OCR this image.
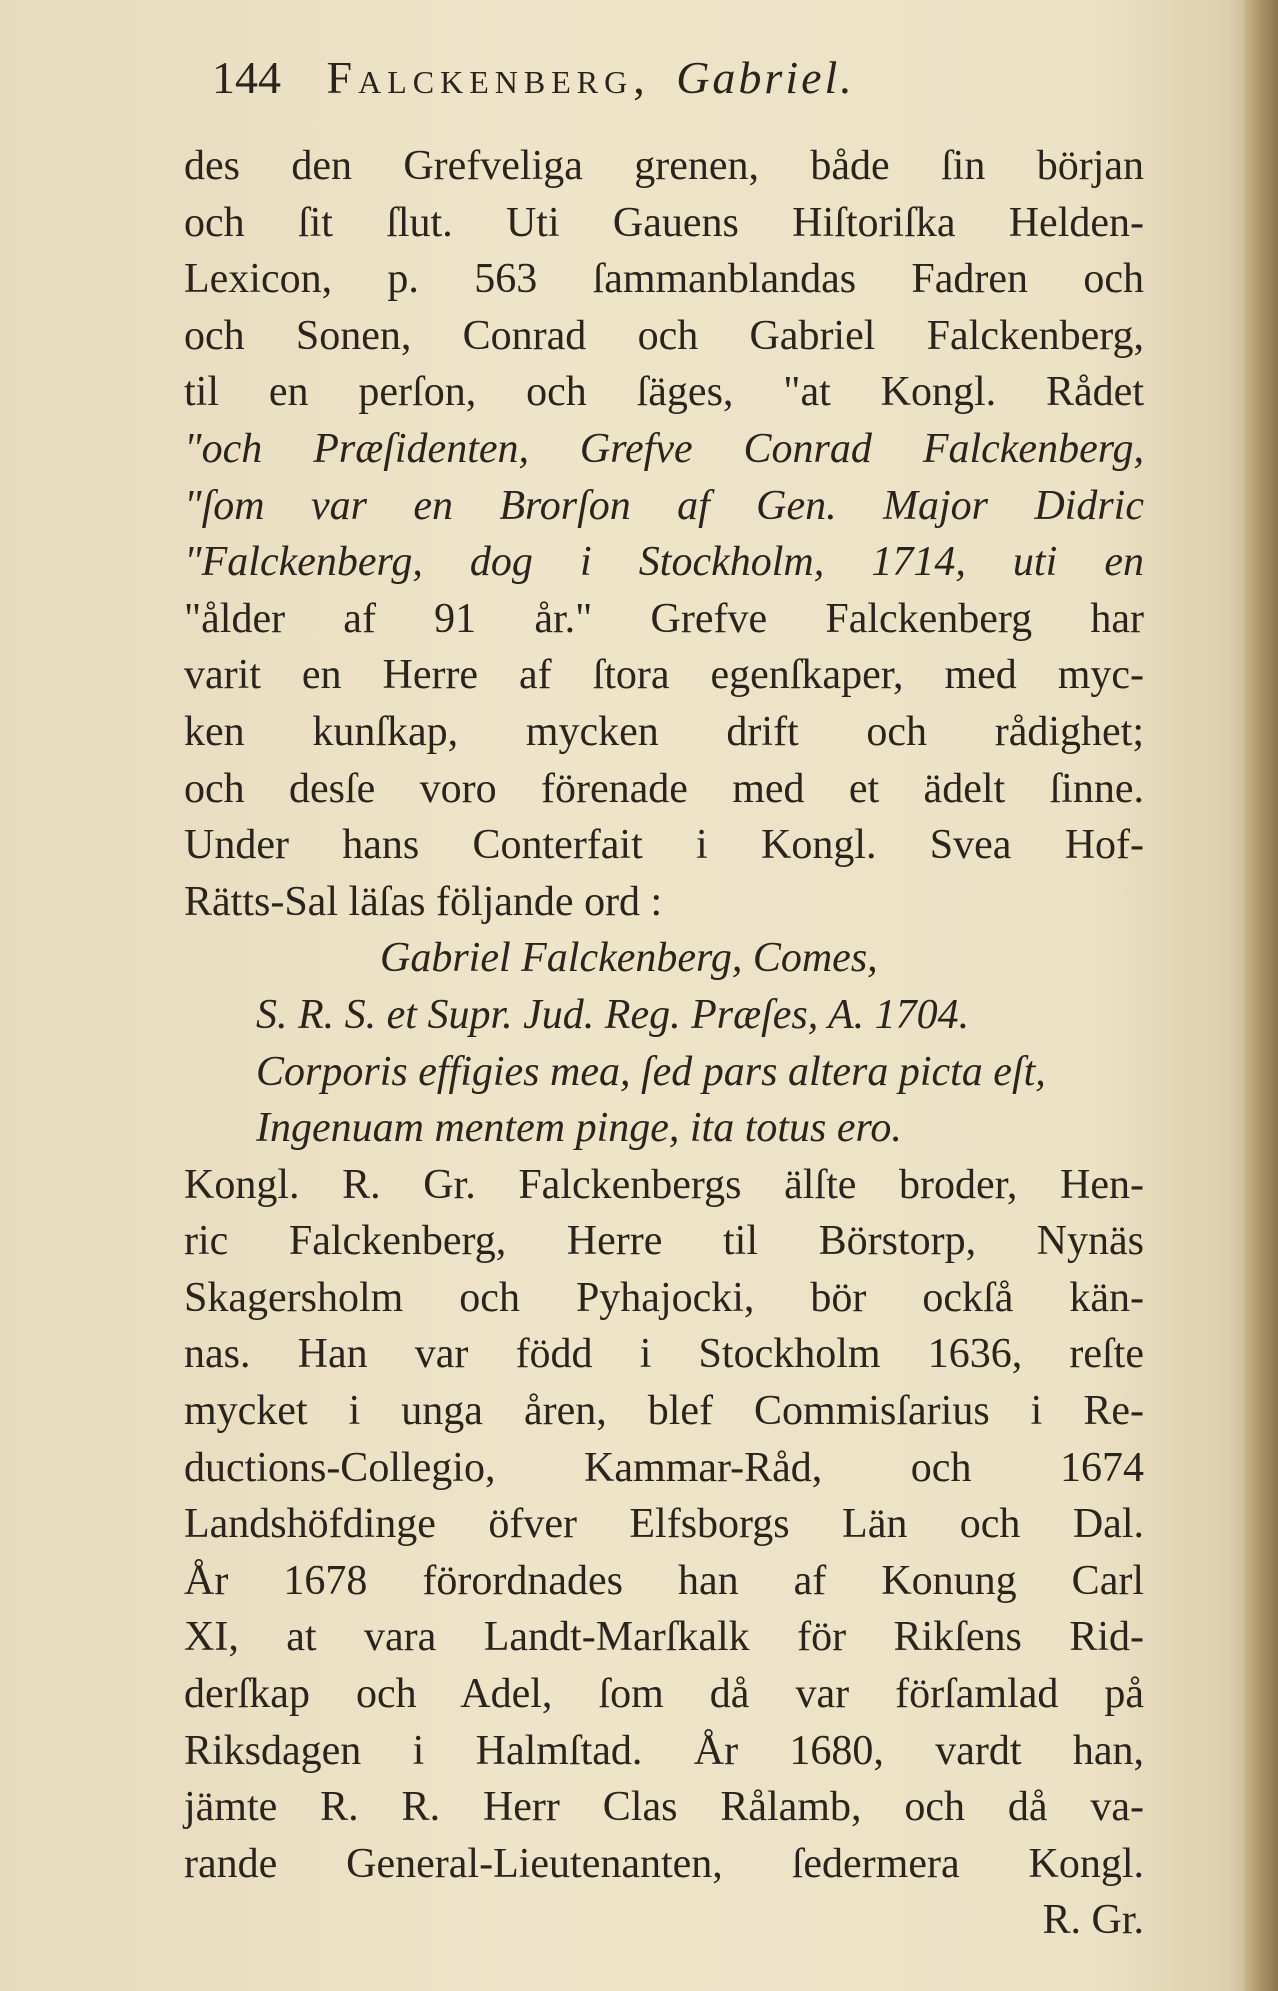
144 Falckenberg, Gabriel.
des den Grefveliga grenen, både ſin början
och ſit ſlut. Uti Gauens Hiſtoriſka Helden-
Lexicon, p. 563 ſammanblandas Fadren och
och Sonen, Conrad och Gabriel Falckenberg,
til en perſon, och ſäges, "at Kongl. Rådet
"och Præſidenten, Grefve Conrad Falckenberg,
"ſom var en Brorſon af Gen. Major Didric
"Falckenberg, dog i Stockholm, 1714, uti en
"ålder af 91 år." Grefve Falckenberg har
varit en Herre af ſtora egenſkaper, med myc-
ken kunſkap, mycken drift och rådighet;
och desſe voro förenade med et ädelt ſinne.
Under hans Conterfait i Kongl. Svea Hof-
Rätts-Sal läſas följande ord :
Gabriel Falckenberg, Comes,
S. R. S. et Supr. Jud. Reg. Præſes, A. 1704.
Corporis effigies mea, ſed pars altera picta eſt,
Ingenuam mentem pinge, ita totus ero.
Kongl. R. Gr. Falckenbergs älſte broder, Hen-
ric Falckenberg, Herre til Börstorp, Nynäs
Skagersholm och Pyhajocki, bör ockſå kän-
nas. Han var född i Stockholm 1636, reſte
mycket i unga åren, blef Commisſarius i Re-
ductions-Collegio, Kammar-Råd, och 1674
Landshöfdinge öfver Elfsborgs Län och Dal.
År 1678 förordnades han af Konung Carl
XI, at vara Landt-Marſkalk för Rikſens Rid-
derſkap och Adel, ſom då var förſamlad på
Riksdagen i Halmſtad. År 1680, vardt han,
jämte R. R. Herr Clas Rålamb, och då va-
rande General-Lieutenanten, ſedermera Kongl.
R. Gr.
